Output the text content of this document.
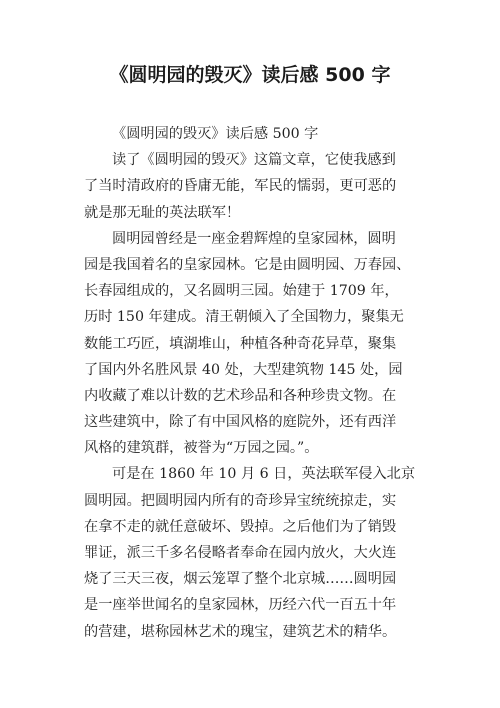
《圆明园的毁灭》读后感 500 字
《圆明园的毁灭》读后感 500 字
读了《圆明园的毁灭》这篇文章，它使我感到
了当时清政府的昏庸无能，军民的懦弱，更可恶的
就是那无耻的英法联军！
圆明园曾经是一座金碧辉煌的皇家园林，圆明
园是我国着名的皇家园林。它是由圆明园、万春园、
长春园组成的，又名圆明三园。始建于 1709 年，
历时 150 年建成。清王朝倾入了全国物力，聚集无
数能工巧匠，填湖堆山，种植各种奇花异草，聚集
了国内外名胜风景 40 处，大型建筑物 145 处，园
内收藏了难以计数的艺术珍品和各种珍贵文物。在
这些建筑中，除了有中国风格的庭院外，还有西洋
风格的建筑群，被誉为“万园之园。”。
可是在 1860 年 10 月 6 日，英法联军侵入北京
圆明园。把圆明园内所有的奇珍异宝统统掠走，实
在拿不走的就任意破坏、毁掉。之后他们为了销毁
罪证，派三千多名侵略者奉命在园内放火，大火连
烧了三天三夜，烟云笼罩了整个北京城……圆明园
是一座举世闻名的皇家园林，历经六代一百五十年
的营建，堪称园林艺术的瑰宝，建筑艺术的精华。
